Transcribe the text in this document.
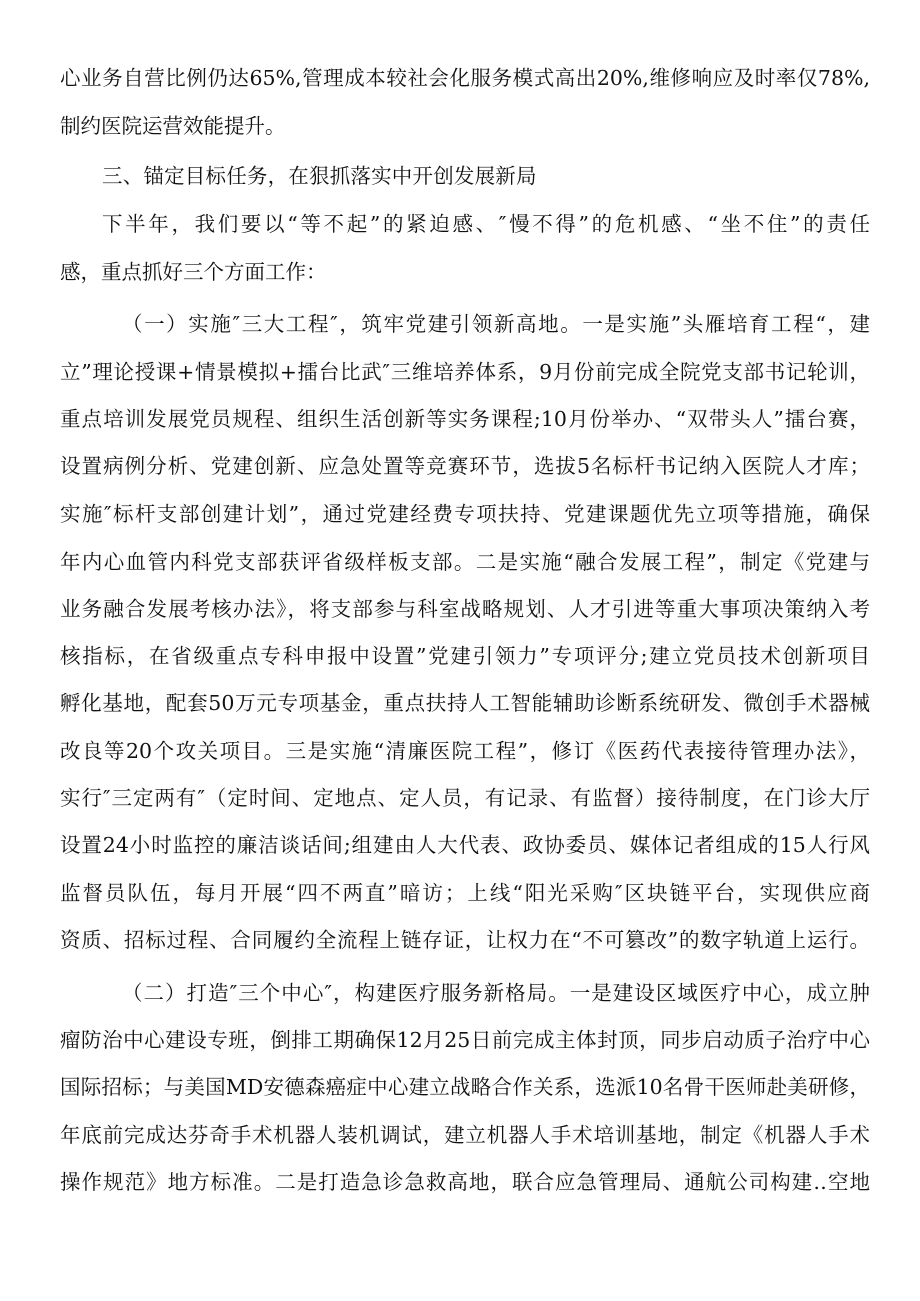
心业务自营比例仍达65%,管理成本较社会化服务模式高出20%,维修响应及时率仅78%,
制约医院运营效能提升。
三、锚定目标任务，在狠抓落实中开创发展新局
下半年，我们要以“等不起”的紧迫感、″慢不得”的危机感、“坐不住”的责任
感，重点抓好三个方面工作：
（一）实施″三大工程″，筑牢党建引领新高地。一是实施”头雁培育工程“，建
立”理论授课+情景模拟+擂台比武″三维培养体系，9月份前完成全院党支部书记轮训，
重点培训发展党员规程、组织生活创新等实务课程;10月份举办、“双带头人”擂台赛，
设置病例分析、党建创新、应急处置等竞赛环节，选拔5名标杆书记纳入医院人才库；
实施″标杆支部创建计划”，通过党建经费专项扶持、党建课题优先立项等措施，确保
年内心血管内科党支部获评省级样板支部。二是实施“融合发展工程”，制定《党建与
业务融合发展考核办法》，将支部参与科室战略规划、人才引进等重大事项决策纳入考
核指标，在省级重点专科申报中设置”党建引领力”专项评分;建立党员技术创新项目
孵化基地，配套50万元专项基金，重点扶持人工智能辅助诊断系统研发、微创手术器械
改良等20个攻关项目。三是实施“清廉医院工程”，修订《医药代表接待管理办法》，
实行″三定两有″（定时间、定地点、定人员，有记录、有监督）接待制度，在门诊大厅
设置24小时监控的廉洁谈话间;组建由人大代表、政协委员、媒体记者组成的15人行风
监督员队伍，每月开展“四不两直”暗访；上线“阳光采购″区块链平台，实现供应商
资质、招标过程、合同履约全流程上链存证，让权力在“不可篡改”的数字轨道上运行。
（二）打造″三个中心″，构建医疗服务新格局。一是建设区域医疗中心，成立肿
瘤防治中心建设专班，倒排工期确保12月25日前完成主体封顶，同步启动质子治疗中心
国际招标；与美国MD安德森癌症中心建立战略合作关系，选派10名骨干医师赴美研修，
年底前完成达芬奇手术机器人装机调试，建立机器人手术培训基地，制定《机器人手术
操作规范》地方标准。二是打造急诊急救高地，联合应急管理局、通航公司构建‥空地
